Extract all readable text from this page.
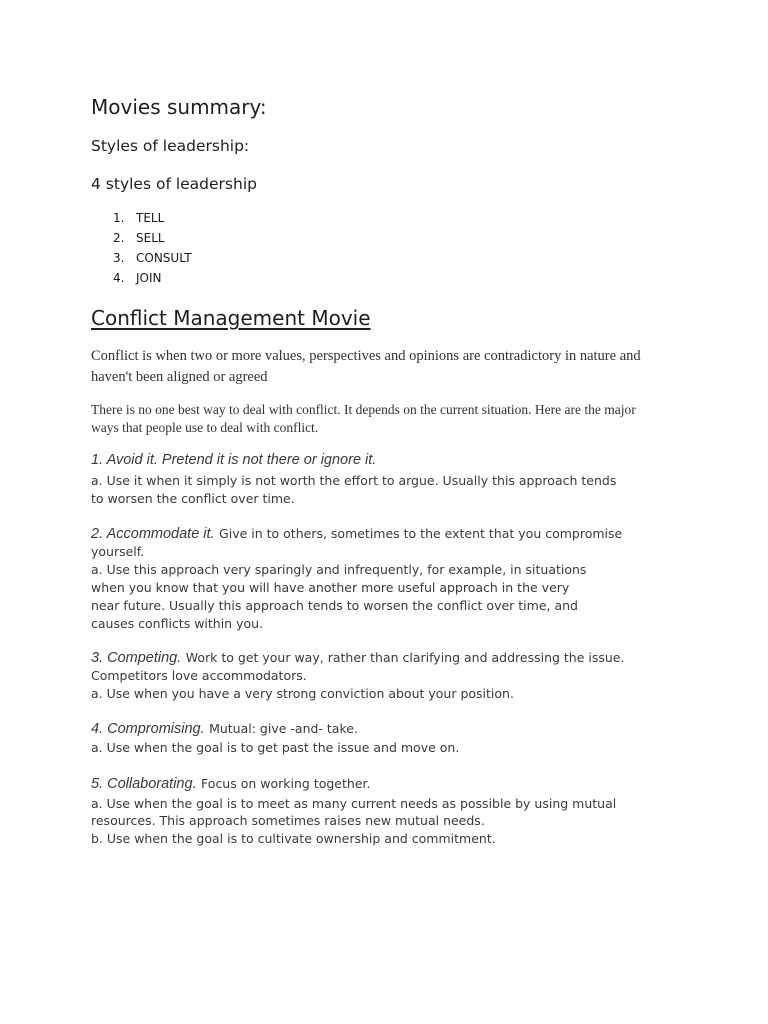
Movies summary:
Styles of leadership:
4 styles of leadership
1. TELL
2. SELL
3. CONSULT
4. JOIN
Conflict Management Movie
Conflict is when two or more values, perspectives and opinions are contradictory in nature and haven't been aligned or agreed
There is no one best way to deal with conflict. It depends on the current situation. Here are the major ways that people use to deal with conflict.
1. Avoid it. Pretend it is not there or ignore it.
a. Use it when it simply is not worth the effort to argue. Usually this approach tends
to worsen the conflict over time.
2. Accommodate it. Give in to others, sometimes to the extent that you compromise
yourself.
a. Use this approach very sparingly and infrequently, for example, in situations
when you know that you will have another more useful approach in the very
near future. Usually this approach tends to worsen the conflict over time, and
causes conflicts within you.
3. Competing. Work to get your way, rather than clarifying and addressing the issue.
Competitors love accommodators.
a. Use when you have a very strong conviction about your position.
4. Compromising. Mutual: give -and- take.
a. Use when the goal is to get past the issue and move on.
5. Collaborating. Focus on working together.
a. Use when the goal is to meet as many current needs as possible by using mutual
resources. This approach sometimes raises new mutual needs.
b. Use when the goal is to cultivate ownership and commitment.
